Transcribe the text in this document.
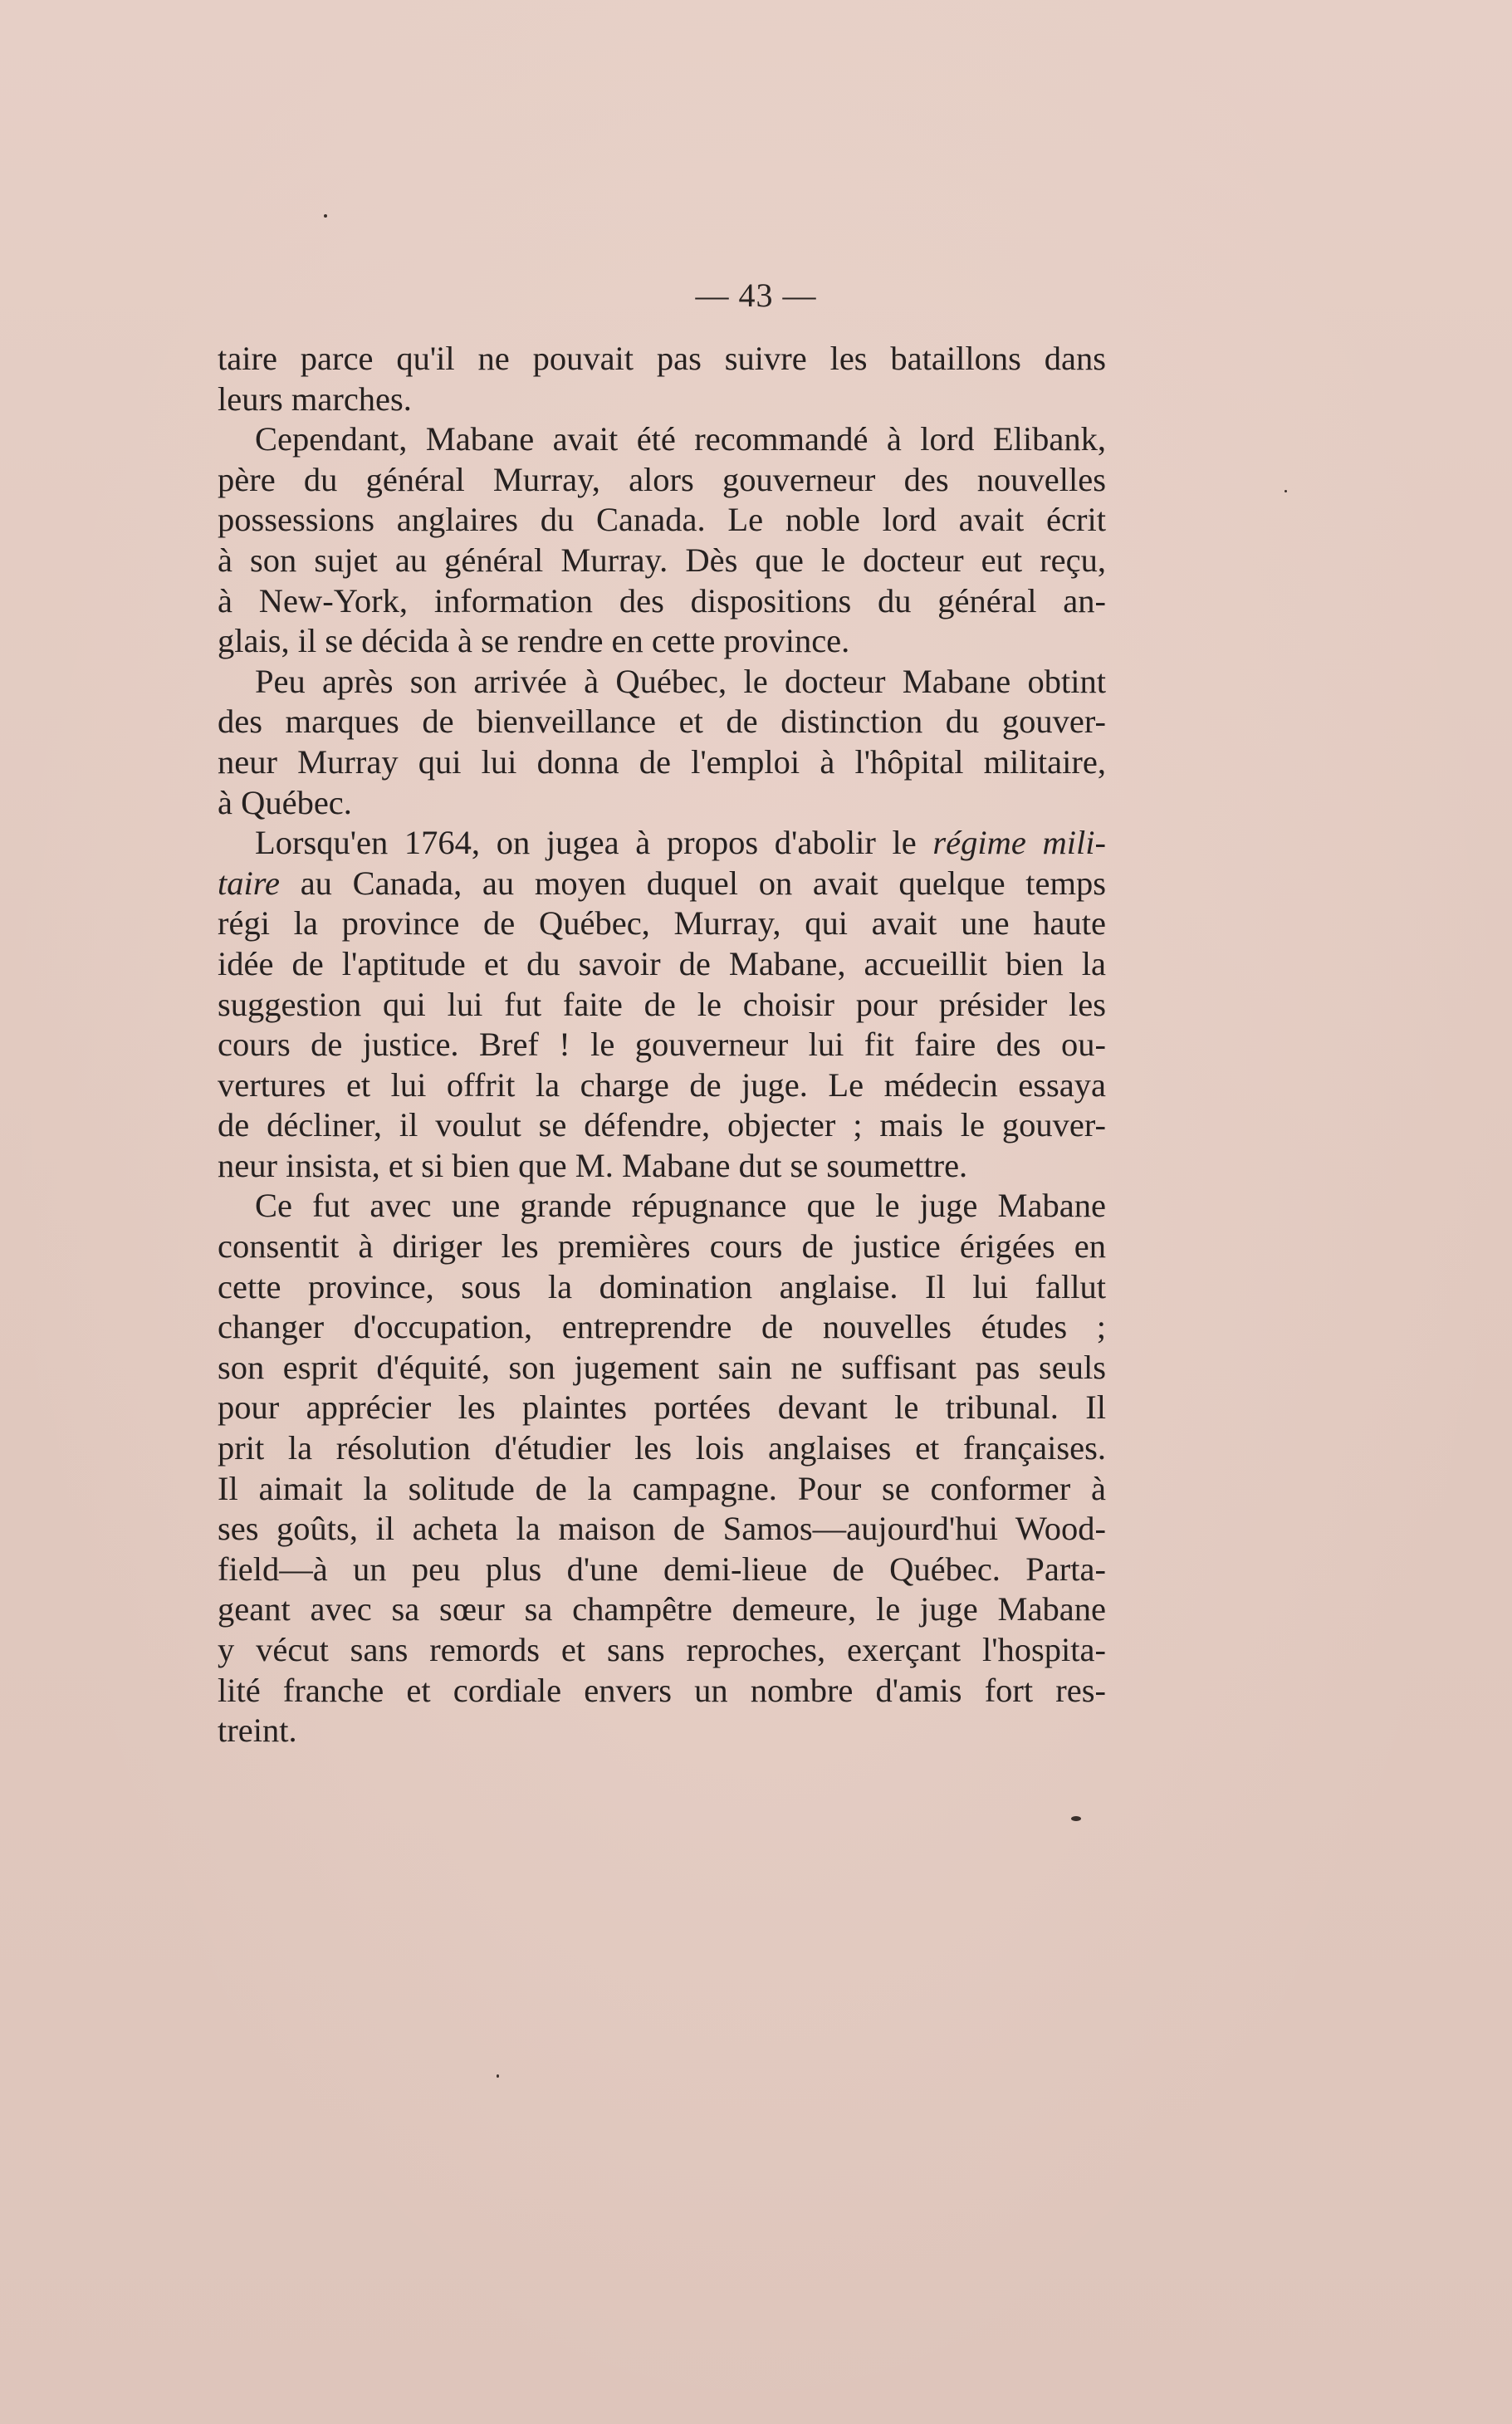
— 43 —

taire parce qu'il ne pouvait pas suivre les bataillons dans
leurs marches.

Cependant, Mabane avait été recommandé à lord Elibank,
père du général Murray, alors gouverneur des nouvelles
possessions anglaires du Canada. Le noble lord avait écrit
à son sujet au général Murray. Dès que le docteur eut reçu,
à New-York, information des dispositions du général an-
glais, il se décida à se rendre en cette province.

Peu après son arrivée à Québec, le docteur Mabane obtint
des marques de bienveillance et de distinction du gouver-
neur Murray qui lui donna de l'emploi à l'hôpital militaire,
à Québec.

Lorsqu'en 1764, on jugea à propos d'abolir le régime mili-
taire au Canada, au moyen duquel on avait quelque temps
régi la province de Québec, Murray, qui avait une haute
idée de l'aptitude et du savoir de Mabane, accueillit bien la
suggestion qui lui fut faite de le choisir pour présider les
cours de justice. Bref ! le gouverneur lui fit faire des ou-
vertures et lui offrit la charge de juge. Le médecin essaya
de décliner, il voulut se défendre, objecter ; mais le gouver-
neur insista, et si bien que M. Mabane dut se soumettre.

Ce fut avec une grande répugnance que le juge Mabane
consentit à diriger les premières cours de justice érigées en
cette province, sous la domination anglaise. Il lui fallut
changer d'occupation, entreprendre de nouvelles études ;
son esprit d'équité, son jugement sain ne suffisant pas seuls
pour apprécier les plaintes portées devant le tribunal. Il
prit la résolution d'étudier les lois anglaises et françaises.
Il aimait la solitude de la campagne. Pour se conformer à
ses goûts, il acheta la maison de Samos—aujourd'hui Wood-
field—à un peu plus d'une demi-lieue de Québec. Parta-
geant avec sa sœur sa champêtre demeure, le juge Mabane
y vécut sans remords et sans reproches, exerçant l'hospita-
lité franche et cordiale envers un nombre d'amis fort res-
treint.
